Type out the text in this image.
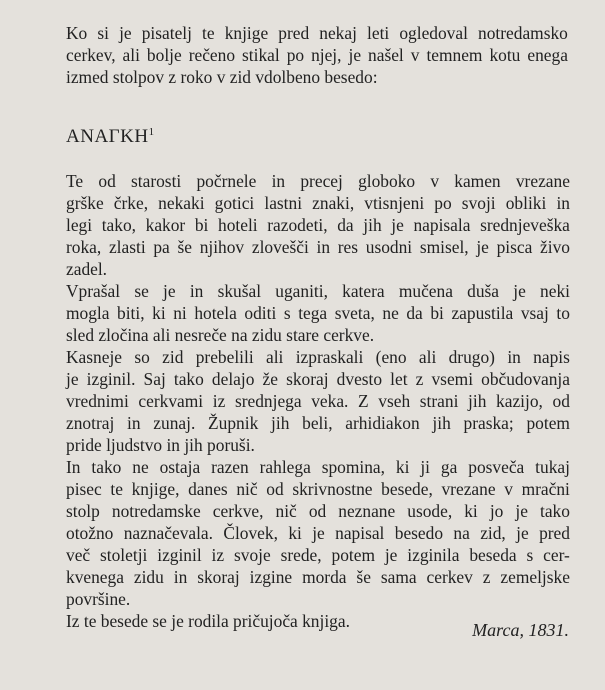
Ko si je pisatelj te knjige pred nekaj leti ogledoval notredamsko
cerkev, ali bolje rečeno stikal po njej, je našel v temnem kotu enega
izmed stolpov z roko v zid vdolbeno besedo:
ΑΝΑΓΚΗ$^1$
Te od starosti počrnele in precej globoko v kamen vrezane
grške črke, nekaki gotici lastni znaki, vtisnjeni po svoji obliki in
legi tako, kakor bi hoteli razodeti, da jih je napisala srednjeveška
roka, zlasti pa še njihov zlovešči in res usodni smisel, je pisca živo
zadel.
Vprašal se je in skušal uganiti, katera mučena duša je neki
mogla biti, ki ni hotela oditi s tega sveta, ne da bi zapustila vsaj to
sled zločina ali nesreče na zidu stare cerkve.
Kasneje so zid prebelili ali izpraskali (eno ali drugo) in napis
je izginil. Saj tako delajo že skoraj dvesto let z vsemi občudovanja
vrednimi cerkvami iz srednjega veka. Z vseh strani jih kazijo, od
znotraj in zunaj. Župnik jih beli, arhidiakon jih praska; potem
pride ljudstvo in jih poruši.
In tako ne ostaja razen rahlega spomina, ki ji ga posveča tukaj
pisec te knjige, danes nič od skrivnostne besede, vrezane v mračni
stolp notredamske cerkve, nič od neznane usode, ki jo je tako
otožno naznačevala. Človek, ki je napisal besedo na zid, je pred
več stoletji izginil iz svoje srede, potem je izginila beseda s cer-
kvenega zidu in skoraj izgine morda še sama cerkev z zemeljske
površine.
Iz te besede se je rodila pričujoča knjiga.	Marca, 1831.
